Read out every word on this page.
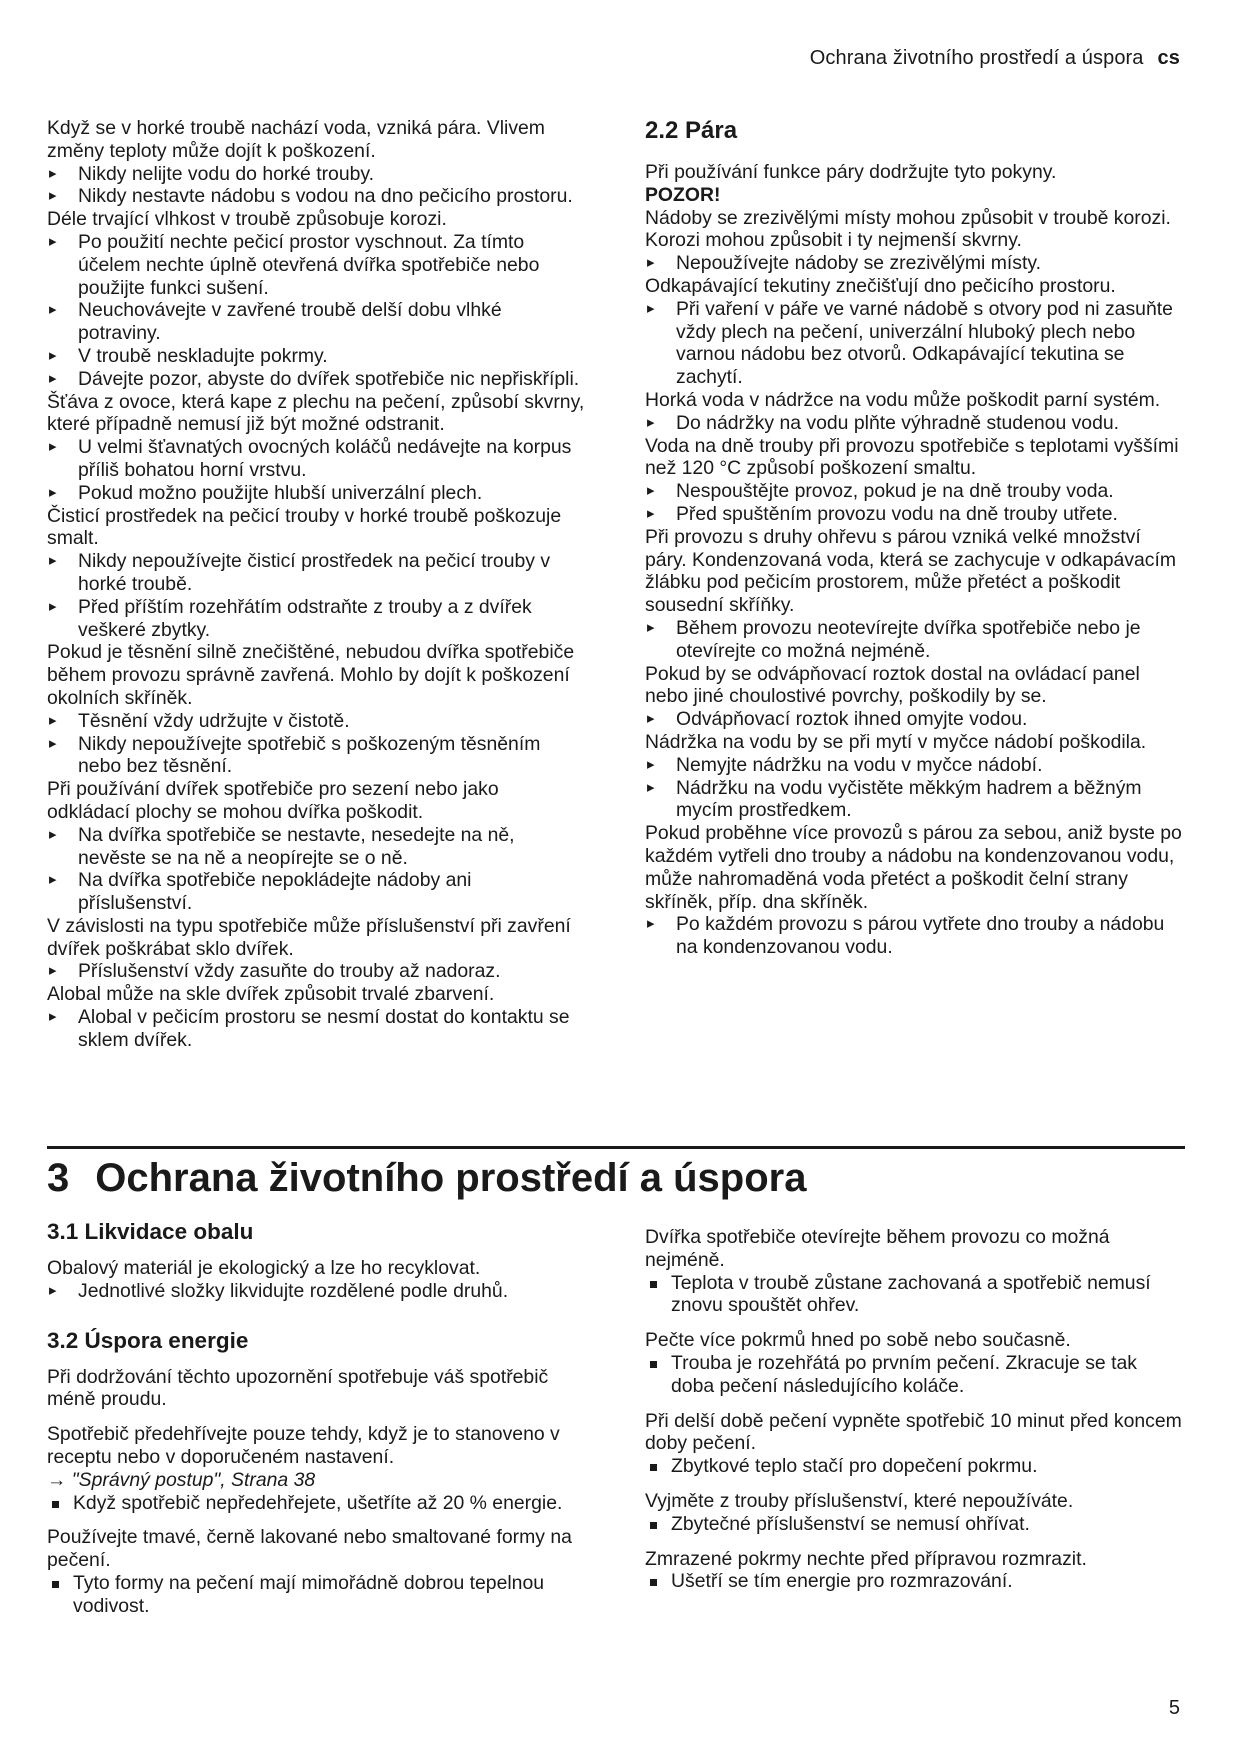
Ochrana životního prostředí a úspora cs

Když se v horké troubě nachází voda, vzniká pára. Vlivem změny teploty může dojít k poškození.

▸ Nikdy nelijte vodu do horké trouby.

▸ Nikdy nestavte nádobu s vodou na dno pečicího prostoru.

Déle trvající vlhkost v troubě způsobuje korozi.

▸ Po použití nechte pečicí prostor vyschnout. Za tímto účelem nechte úplně otevřená dvířka spotřebiče nebo použijte funkci sušení.

▸ Neuchovávejte v zavřené troubě delší dobu vlhké potraviny.

▸ V troubě neskladujte pokrmy.

▸ Dávejte pozor, abyste do dvířek spotřebiče nic nepřiskřípli.

Šťáva z ovoce, která kape z plechu na pečení, způsobí skvrny, které případně nemusí již být možné odstranit.

▸ U velmi šťavnatých ovocných koláčů nedávejte na korpus příliš bohatou horní vrstvu.

▸ Pokud možno použijte hlubší univerzální plech.

Čisticí prostředek na pečicí trouby v horké troubě poškozuje smalt.

▸ Nikdy nepoužívejte čisticí prostředek na pečicí trouby v horké troubě.

▸ Před příštím rozehřátím odstraňte z trouby a z dvířek veškeré zbytky.

Pokud je těsnění silně znečištěné, nebudou dvířka spotřebiče během provozu správně zavřená. Mohlo by dojít k poškození okolních skříněk.

▸ Těsnění vždy udržujte v čistotě.

▸ Nikdy nepoužívejte spotřebič s poškozeným těsněním nebo bez těsnění.

Při používání dvířek spotřebiče pro sezení nebo jako odkládací plochy se mohou dvířka poškodit.

▸ Na dvířka spotřebiče se nestavte, nesedejte na ně, nevěste se na ně a neopírejte se o ně.

▸ Na dvířka spotřebiče nepokládejte nádoby ani příslušenství.

V závislosti na typu spotřebiče může příslušenství při zavření dvířek poškrábat sklo dvířek.

▸ Příslušenství vždy zasuňte do trouby až nadoraz.

Alobal může na skle dvířek způsobit trvalé zbarvení.

▸ Alobal v pečicím prostoru se nesmí dostat do kontaktu se sklem dvířek.

2.2 Pára

Při používání funkce páry dodržujte tyto pokyny.

POZOR!

Nádoby se zrezivělými místy mohou způsobit v troubě korozi. Korozi mohou způsobit i ty nejmenší skvrny.

▸ Nepoužívejte nádoby se zrezivělými místy.

Odkapávající tekutiny znečišťují dno pečicího prostoru.

▸ Při vaření v páře ve varné nádobě s otvory pod ni zasuňte vždy plech na pečení, univerzální hluboký plech nebo varnou nádobu bez otvorů. Odkapávající tekutina se zachytí.

Horká voda v nádržce na vodu může poškodit parní systém.

▸ Do nádržky na vodu plňte výhradně studenou vodu.

Voda na dně trouby při provozu spotřebiče s teplotami vyššími než 120 °C způsobí poškození smaltu.

▸ Nespouštějte provoz, pokud je na dně trouby voda.

▸ Před spuštěním provozu vodu na dně trouby utřete.

Při provozu s druhy ohřevu s párou vzniká velké množství páry. Kondenzovaná voda, která se zachycuje v odkapávacím žlábku pod pečicím prostorem, může přetéct a poškodit sousední skříňky.

▸ Během provozu neotevírejte dvířka spotřebiče nebo je otevírejte co možná nejméně.

Pokud by se odvápňovací roztok dostal na ovládací panel nebo jiné choulostivé povrchy, poškodily by se.

▸ Odvápňovací roztok ihned omyjte vodou.

Nádržka na vodu by se při mytí v myčce nádobí poškodila.

▸ Nemyjte nádržku na vodu v myčce nádobí.

▸ Nádržku na vodu vyčistěte měkkým hadrem a běžným mycím prostředkem.

Pokud proběhne více provozů s párou za sebou, aniž byste po každém vytřeli dno trouby a nádobu na kondenzovanou vodu, může nahromaděná voda přetéct a poškodit čelní strany skříněk, příp. dna skříněk.

▸ Po každém provozu s párou vytřete dno trouby a nádobu na kondenzovanou vodu.

3 Ochrana životního prostředí a úspora
3.1 Likvidace obalu

Obalový materiál je ekologický a lze ho recyklovat.

▸ Jednotlivé složky likvidujte rozdělené podle druhů.

3.2 Úspora energie

Při dodržování těchto upozornění spotřebuje váš spotřebič méně proudu.

Spotřebič předehřívejte pouze tehdy, když je to stanoveno v receptu nebo v doporučeném nastavení.

→ "Správný postup", Strana 38

Když spotřebič nepředehřejete, ušetříte až 20 % energie.

Používejte tmavé, černě lakované nebo smaltované formy na pečení.

Tyto formy na pečení mají mimořádně dobrou tepelnou vodivost.

Dvířka spotřebiče otevírejte během provozu co možná nejméně.

Teplota v troubě zůstane zachovaná a spotřebič nemusí znovu spouštět ohřev.

Pečte více pokrmů hned po sobě nebo současně.

Trouba je rozehřátá po prvním pečení. Zkracuje se tak doba pečení následujícího koláče.

Při delší době pečení vypněte spotřebič 10 minut před koncem doby pečení.

Zbytkové teplo stačí pro dopečení pokrmu.

Vyjměte z trouby příslušenství, které nepoužíváte.

Zbytečné příslušenství se nemusí ohřívat.

Zmrazené pokrmy nechte před přípravou rozmrazit.

Ušetří se tím energie pro rozmrazování.

5
